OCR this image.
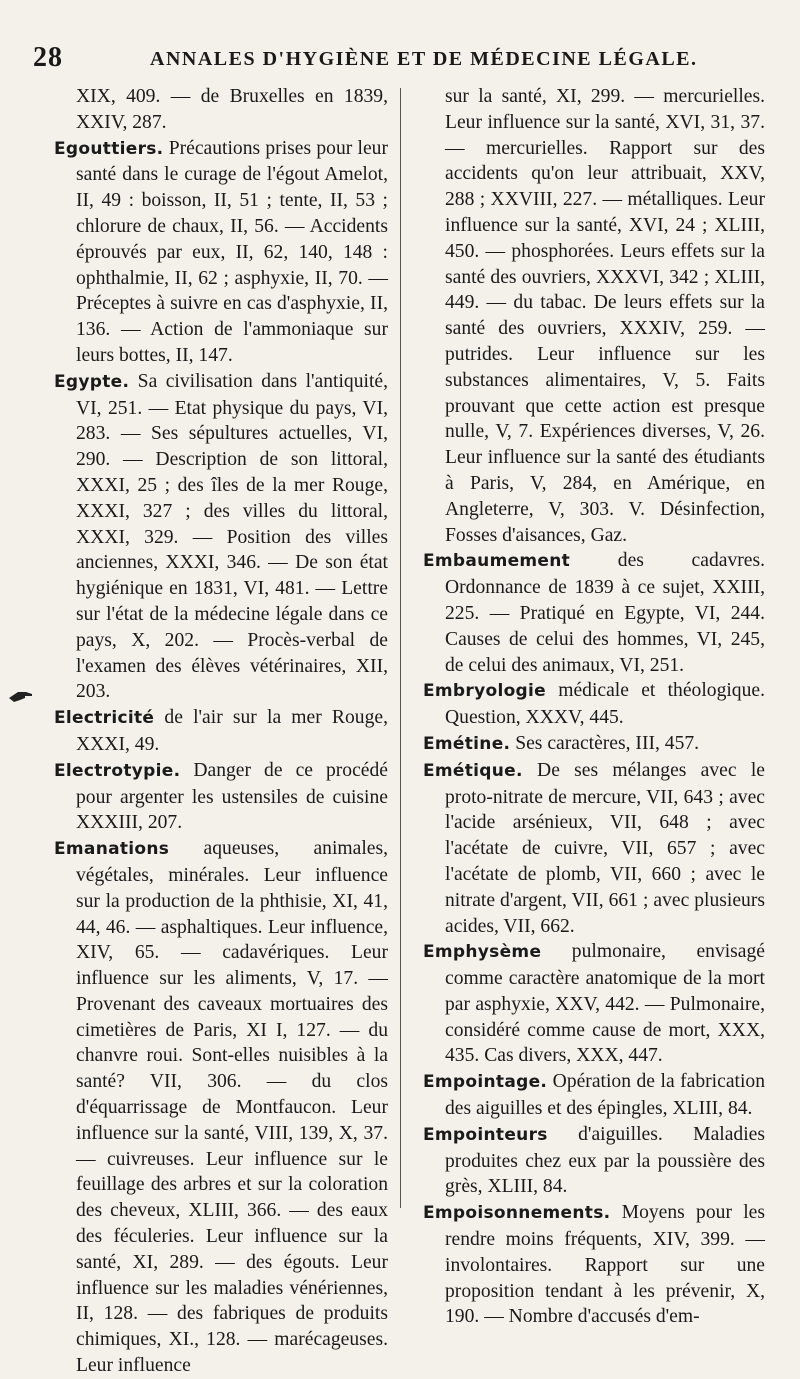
28	ANNALES D'HYGIÈNE ET DE MÉDECINE LÉGALE.

XIX, 409. — de Bruxelles en 1839, XXIV, 287.

Egouttiers. Précautions prises pour leur santé dans le curage de l'égout Amelot, II, 49 : boisson, II, 51 ; tente, II, 53 ; chlorure de chaux, II, 56. — Accidents éprouvés par eux, II, 62, 140, 148 : ophthalmie, II, 62 ; asphyxie, II, 70. — Préceptes à suivre en cas d'asphyxie, II, 136. — Action de l'ammoniaque sur leurs bottes, II, 147.

Egypte. Sa civilisation dans l'antiquité, VI, 251. — Etat physique du pays, VI, 283. — Ses sépultures actuelles, VI, 290. — Description de son littoral, XXXI, 25 ; des îles de la mer Rouge, XXXI, 327 ; des villes du littoral, XXXI, 329. — Position des villes anciennes, XXXI, 346. — De son état hygiénique en 1831, VI, 481. — Lettre sur l'état de la médecine légale dans ce pays, X, 202. — Procès-verbal de l'examen des élèves vétérinaires, XII, 203.

Electricité de l'air sur la mer Rouge, XXXI, 49.

Electrotypie. Danger de ce procédé pour argenter les ustensiles de cuisine XXXIII, 207.

Emanations aqueuses, animales, végétales, minérales. Leur influence sur la production de la phthisie, XI, 41, 44, 46. — asphaltiques. Leur influence, XIV, 65. — cadavériques. Leur influence sur les aliments, V, 17. — Provenant des caveaux mortuaires des cimetières de Paris, XI I, 127. — du chanvre roui. Sont-elles nuisibles à la santé? VII, 306. — du clos d'équarrissage de Montfaucon. Leur influence sur la santé, VIII, 139, X, 37. — cuivreuses. Leur influence sur le feuillage des arbres et sur la coloration des cheveux, XLIII, 366. — des eaux des féculeries. Leur influence sur la santé, XI, 289. — des égouts. Leur influence sur les maladies vénériennes, II, 128. — des fabriques de produits chimiques, XI., 128. — marécageuses. Leur influence

sur la santé, XI, 299. — mercurielles. Leur influence sur la santé, XVI, 31, 37. — mercurielles. Rapport sur des accidents qu'on leur attribuait, XXV, 288 ; XXVIII, 227. — métalliques. Leur influence sur la santé, XVI, 24 ; XLIII, 450. — phosphorées. Leurs effets sur la santé des ouvriers, XXXVI, 342 ; XLIII, 449. — du tabac. De leurs effets sur la santé des ouvriers, XXXIV, 259. — putrides. Leur influence sur les substances alimentaires, V, 5. Faits prouvant que cette action est presque nulle, V, 7. Expériences diverses, V, 26. Leur influence sur la santé des étudiants à Paris, V, 284, en Amérique, en Angleterre, V, 303. V. Désinfection, Fosses d'aisances, Gaz.

Embaumement des cadavres. Ordonnance de 1839 à ce sujet, XXIII, 225. — Pratiqué en Egypte, VI, 244. Causes de celui des hommes, VI, 245, de celui des animaux, VI, 251.

Embryologie médicale et théologique. Question, XXXV, 445.

Emétine. Ses caractères, III, 457.

Emétique. De ses mélanges avec le proto-nitrate de mercure, VII, 643 ; avec l'acide arsénieux, VII, 648 ; avec l'acétate de cuivre, VII, 657 ; avec l'acétate de plomb, VII, 660 ; avec le nitrate d'argent, VII, 661 ; avec plusieurs acides, VII, 662.

Emphysème pulmonaire, envisagé comme caractère anatomique de la mort par asphyxie, XXV, 442. — Pulmonaire, considéré comme cause de mort, XXX, 435. Cas divers, XXX, 447.

Empointage. Opération de la fabrication des aiguilles et des épingles, XLIII, 84.

Empointeurs d'aiguilles. Maladies produites chez eux par la poussière des grès, XLIII, 84.

Empoisonnements. Moyens pour les rendre moins fréquents, XIV, 399. — involontaires. Rapport sur une proposition tendant à les prévenir, X, 190. — Nombre d'accusés d'em-
